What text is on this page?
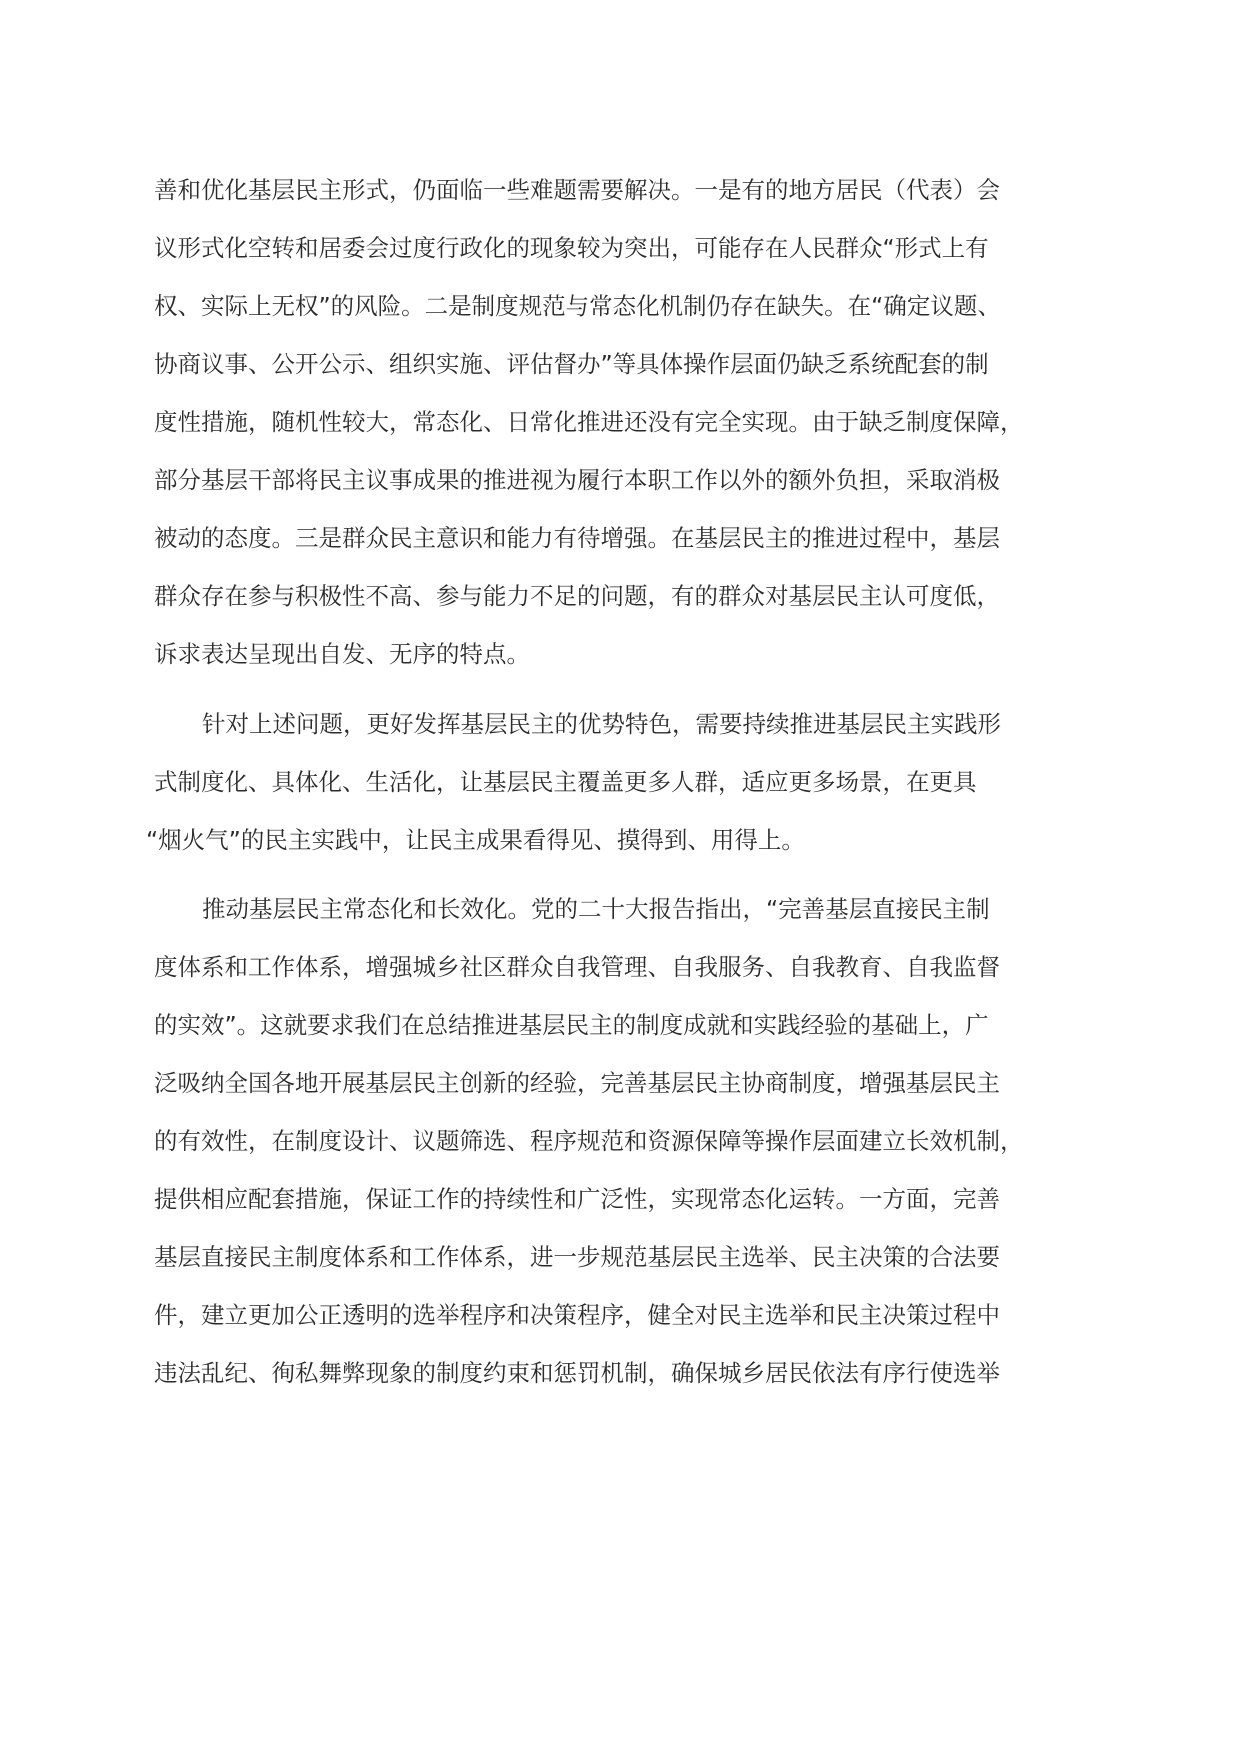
善和优化基层民主形式，仍面临一些难题需要解决。一是有的地方居民（代表）会

议形式化空转和居委会过度行政化的现象较为突出，可能存在人民群众“形式上有

权、实际上无权”的风险。二是制度规范与常态化机制仍存在缺失。在“确定议题、

协商议事、公开公示、组织实施、评估督办”等具体操作层面仍缺乏系统配套的制

度性措施，随机性较大，常态化、日常化推进还没有完全实现。由于缺乏制度保障，

部分基层干部将民主议事成果的推进视为履行本职工作以外的额外负担，采取消极

被动的态度。三是群众民主意识和能力有待增强。在基层民主的推进过程中，基层

群众存在参与积极性不高、参与能力不足的问题，有的群众对基层民主认可度低，

诉求表达呈现出自发、无序的特点。

针对上述问题，更好发挥基层民主的优势特色，需要持续推进基层民主实践形

式制度化、具体化、生活化，让基层民主覆盖更多人群，适应更多场景，在更具

“烟火气”的民主实践中，让民主成果看得见、摸得到、用得上。

推动基层民主常态化和长效化。党的二十大报告指出，“完善基层直接民主制

度体系和工作体系，增强城乡社区群众自我管理、自我服务、自我教育、自我监督

的实效”。这就要求我们在总结推进基层民主的制度成就和实践经验的基础上，广

泛吸纳全国各地开展基层民主创新的经验，完善基层民主协商制度，增强基层民主

的有效性，在制度设计、议题筛选、程序规范和资源保障等操作层面建立长效机制，

提供相应配套措施，保证工作的持续性和广泛性，实现常态化运转。一方面，完善

基层直接民主制度体系和工作体系，进一步规范基层民主选举、民主决策的合法要

件，建立更加公正透明的选举程序和决策程序，健全对民主选举和民主决策过程中

违法乱纪、徇私舞弊现象的制度约束和惩罚机制，确保城乡居民依法有序行使选举
